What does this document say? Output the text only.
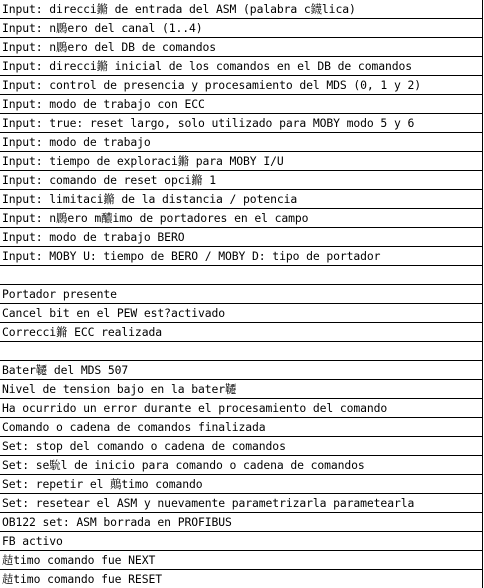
Input: direcci鏅 de entrada del ASM (palabra c鑖lica)
Input: n鷐ero del canal (1..4)
Input: n鷐ero del DB de comandos
Input: direcci鏅 inicial de los comandos en el DB de comandos
Input: control de presencia y procesamiento del MDS (0, 1 y 2)
Input: modo de trabajo con ECC
Input: true: reset largo, solo utilizado para MOBY modo 5 y 6
Input: modo de trabajo
Input: tiempo de exploraci鏅 para MOBY I/U
Input: comando de reset opci鏅 1
Input: limitaci鏅 de la distancia / potencia
Input: n鷐ero m醲imo de portadores en el campo
Input: modo de trabajo BERO
Input: MOBY U: tiempo de BERO / MOBY D: tipo de portador

Portador presente
Cancel bit en el PEW est?activado
Correcci鏅 ECC realizada

Bater韆 del MDS 507
Nivel de tension bajo en la bater韆
Ha ocurrido un error durante el procesamiento del comando
Comando o cadena de comandos finalizada
Set: stop del comando o cadena de comandos
Set: se馻l de inicio para comando o cadena de comandos
Set: repetir el 鷏timo comando
Set: resetear el ASM y nuevamente parametrizarla parametearla
OB122 set: ASM borrada en PROFIBUS
FB activo
趌timo comando fue NEXT
趌timo comando fue RESET
